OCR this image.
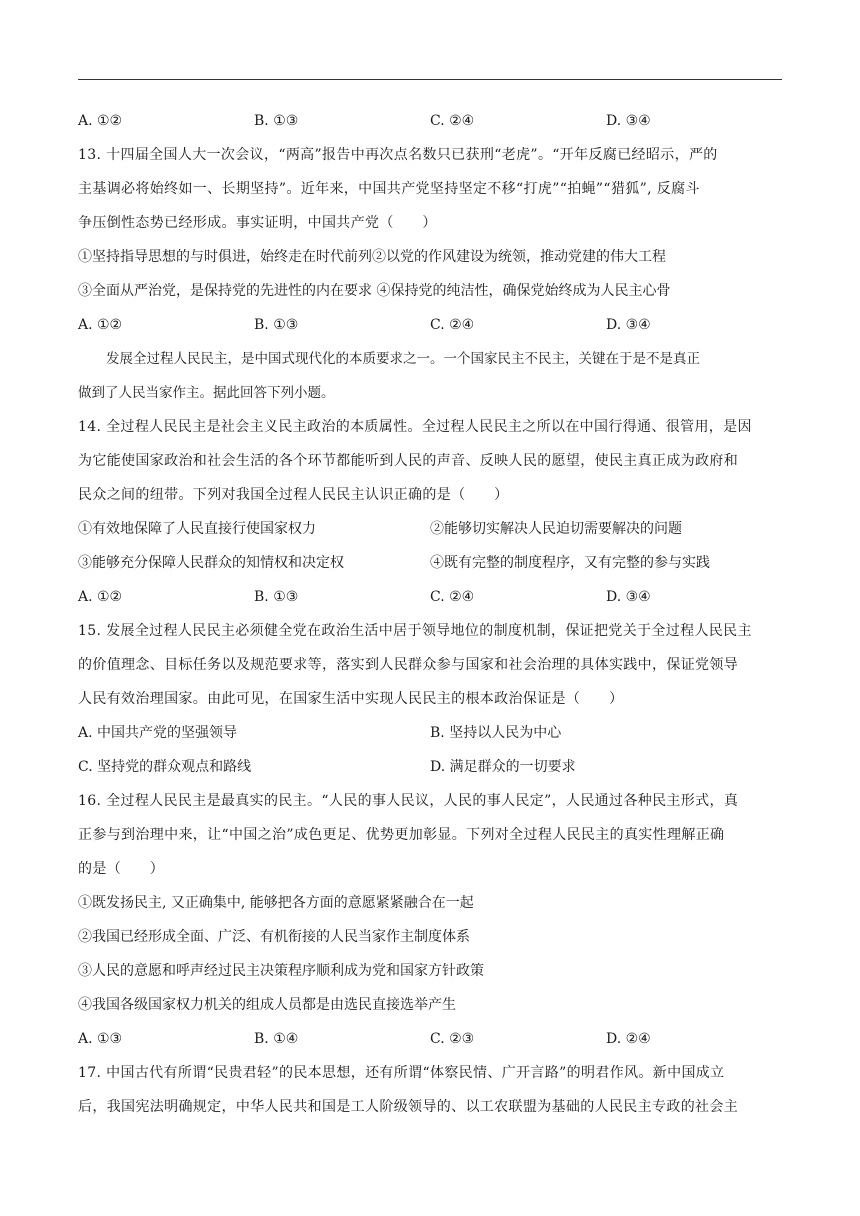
A. ①②	B. ①③	C. ②④	D. ③④
13. 十四届全国人大一次会议，“两高”报告中再次点名数只已获刑“老虎”。“开年反腐已经昭示，严的
主基调必将始终如一、长期坚持”。近年来，中国共产党坚持坚定不移“打虎”“拍蝇”“猎狐”, 反腐斗
争压倒性态势已经形成。事实证明，中国共产党（　　）
①坚持指导思想的与时俱进，始终走在时代前列②以党的作风建设为统领，推动党建的伟大工程
③全面从严治党，是保持党的先进性的内在要求 ④保持党的纯洁性，确保党始终成为人民主心骨
A. ①②	B. ①③	C. ②④	D. ③④
发展全过程人民民主，是中国式现代化的本质要求之一。一个国家民主不民主，关键在于是不是真正
做到了人民当家作主。据此回答下列小题。
14. 全过程人民民主是社会主义民主政治的本质属性。全过程人民民主之所以在中国行得通、很管用，是因
为它能使国家政治和社会生活的各个环节都能听到人民的声音、反映人民的愿望，使民主真正成为政府和
民众之间的纽带。下列对我国全过程人民民主认识正确的是（　　）
①有效地保障了人民直接行使国家权力	②能够切实解决人民迫切需要解决的问题
③能够充分保障人民群众的知情权和决定权	④既有完整的制度程序，又有完整的参与实践
A. ①②	B. ①③	C. ②④	D. ③④
15. 发展全过程人民民主必须健全党在政治生活中居于领导地位的制度机制，保证把党关于全过程人民民主
的价值理念、目标任务以及规范要求等，落实到人民群众参与国家和社会治理的具体实践中，保证党领导
人民有效治理国家。由此可见，在国家生活中实现人民民主的根本政治保证是（　　）
A. 中国共产党的坚强领导	B. 坚持以人民为中心
C. 坚持党的群众观点和路线	D. 满足群众的一切要求
16. 全过程人民民主是最真实的民主。“人民的事人民议，人民的事人民定”，人民通过各种民主形式，真
正参与到治理中来，让“中国之治”成色更足、优势更加彰显。下列对全过程人民民主的真实性理解正确
的是（　　）
①既发扬民主, 又正确集中, 能够把各方面的意愿紧紧融合在一起
②我国已经形成全面、广泛、有机衔接的人民当家作主制度体系
③人民的意愿和呼声经过民主决策程序顺利成为党和国家方针政策
④我国各级国家权力机关的组成人员都是由选民直接选举产生
A. ①③	B. ①④	C. ②③	D. ②④
17. 中国古代有所谓“民贵君轻”的民本思想，还有所谓“体察民情、广开言路”的明君作风。新中国成立
后，我国宪法明确规定，中华人民共和国是工人阶级领导的、以工农联盟为基础的人民民主专政的社会主
